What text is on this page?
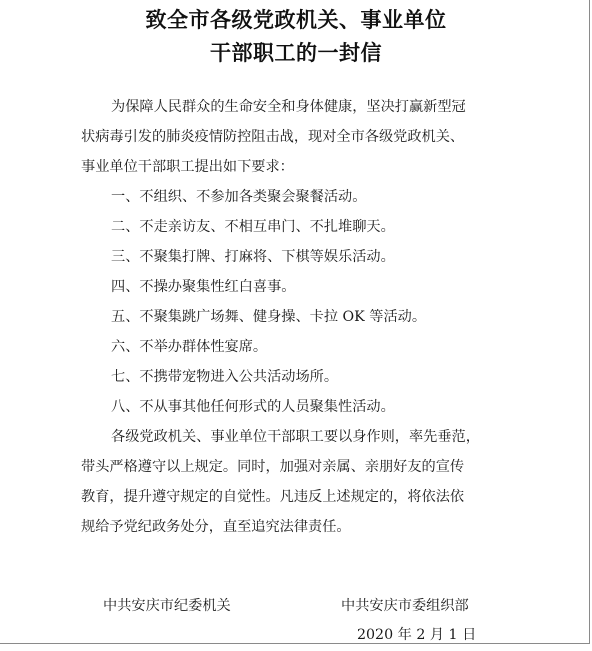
致全市各级党政机关、事业单位
干部职工的一封信
为保障人民群众的生命安全和身体健康，坚决打赢新型冠
状病毒引发的肺炎疫情防控阻击战，现对全市各级党政机关、
事业单位干部职工提出如下要求：
一、不组织、不参加各类聚会聚餐活动。
二、不走亲访友、不相互串门、不扎堆聊天。
三、不聚集打牌、打麻将、下棋等娱乐活动。
四、不操办聚集性红白喜事。
五、不聚集跳广场舞、健身操、卡拉 OK 等活动。
六、不举办群体性宴席。
七、不携带宠物进入公共活动场所。
八、不从事其他任何形式的人员聚集性活动。
各级党政机关、事业单位干部职工要以身作则，率先垂范，
带头严格遵守以上规定。同时，加强对亲属、亲朋好友的宣传
教育，提升遵守规定的自觉性。凡违反上述规定的，将依法依
规给予党纪政务处分，直至追究法律责任。
中共安庆市纪委机关	中共安庆市委组织部
2020 年 2 月 1 日
